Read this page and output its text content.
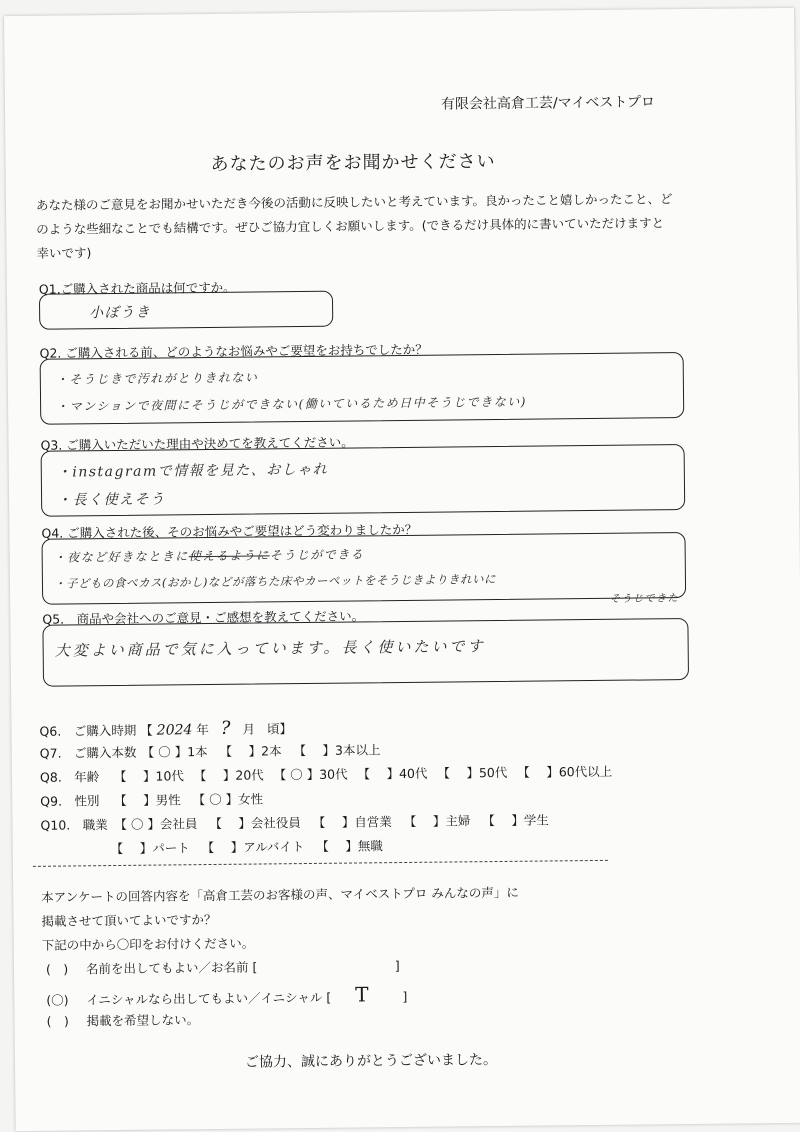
有限会社高倉工芸/マイベストプロ
あなたのお声をお聞かせください
あなた様のご意見をお聞かせいただき今後の活動に反映したいと考えています。良かったこと嬉しかったこと、どのような些細なことでも結構です。ぜひご協力宜しくお願いします。(できるだけ具体的に書いていただけますと幸いです)
Q1.ご購入された商品は何ですか。
小ぼうき
Q2. ご購入される前、どのようなお悩みやご要望をお持ちでしたか？
・そうじきで汚れがとりきれない
・マンションで夜間にそうじができない(働いているため日中そうじできない)
Q3. ご購入いただいた理由や決めてを教えてください。
・instagramで情報を見た、おしゃれ
・長く使えそう
Q4. ご購入された後、そのお悩みやご要望はどう変わりましたか？
・夜など好きなときに使えるようにそうじができる
・子どもの食べカス(おかし)などが落ちた床やカーペットをそうじきよりきれいに
そうじできた
Q5.　商品や会社へのご意見・ご感想を教えてください。
大変よい商品で気に入っています。長く使いたいです
Q6.　ご購入時期 【 2024 年 ? 月 頃】
Q7.　ご購入本数 【 〇 】1本 【　 】2本 【　 】3本以上
Q8.　年齢 【　 】10代 【　 】20代 【 〇 】30代 【　 】40代 【　 】50代 【　 】60代以上
Q9.　性別 【　 】男性 【 〇 】女性
Q10.　職業 【 〇 】会社員 【　 】会社役員 【　 】自営業 【　 】主婦 【　 】学生
【　 】パート 【　 】アルバイト 【　 】無職
本アンケートの回答内容を「高倉工芸のお客様の声、マイベストプロ みんなの声」に
掲載させて頂いてよいですか？
下記の中から〇印をお付けください。
(　) 名前を出してもよい／お名前 [　　　　　　　　　　　]
(〇) イニシャルなら出してもよい／イニシャル [ T	]
(　) 掲載を希望しない。
ご協力、誠にありがとうございました。
